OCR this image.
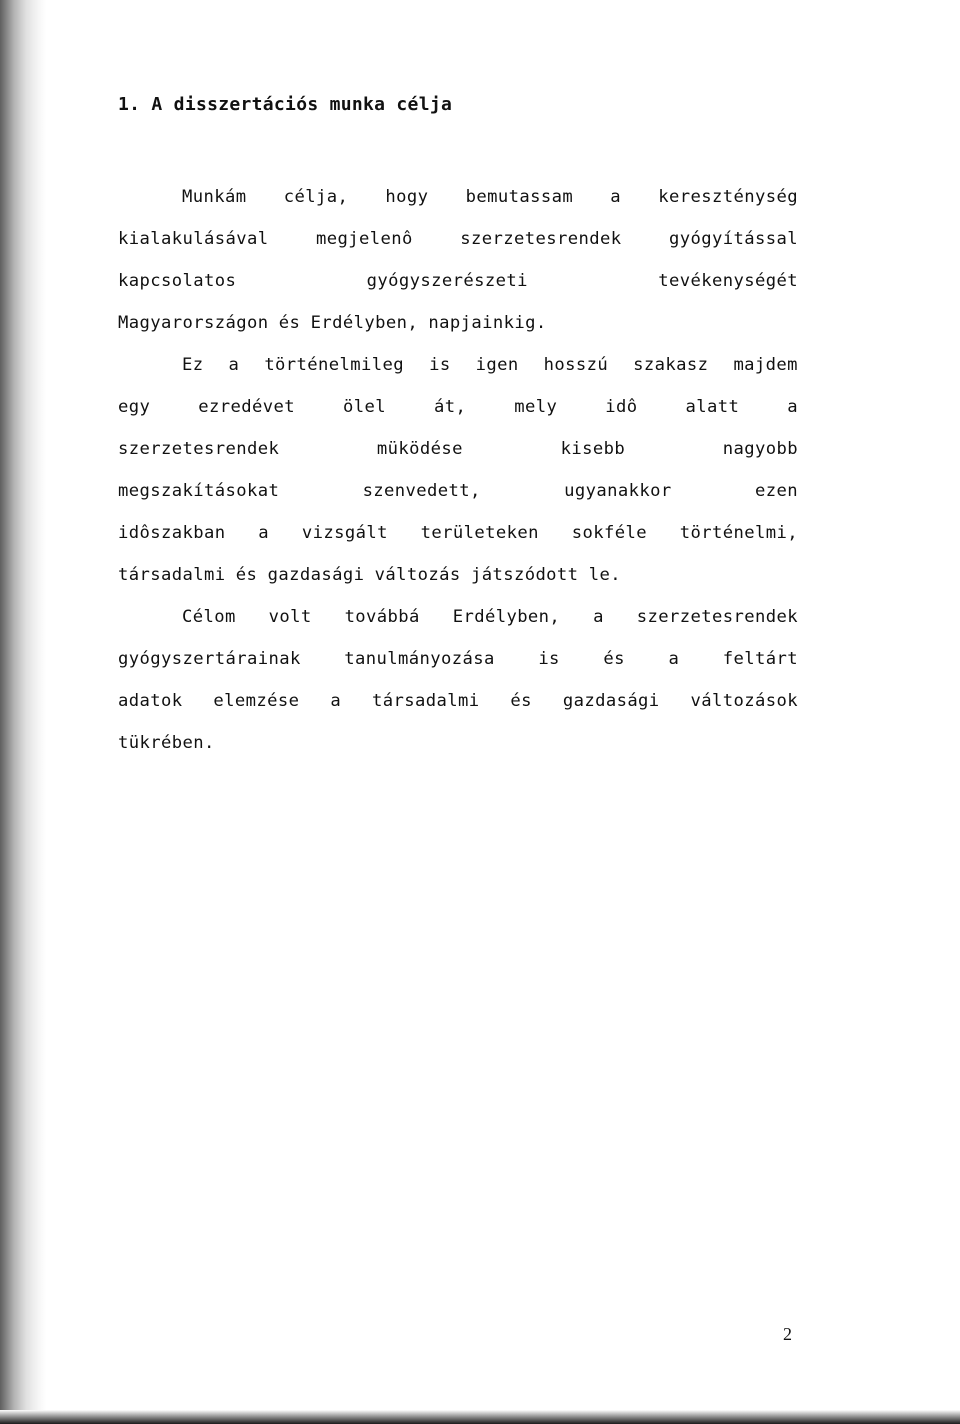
1. A disszertációs munka célja
Munkám célja, hogy bemutassam a kereszténység
kialakulásával	megjelenô	szerzetesrendek	gyógyítással
kapcsolatos	gyógyszerészeti	tevékenységét
Magyarországon és Erdélyben, napjainkig.
Ez a történelmileg is igen hosszú szakasz majdem
egy	ezredévet	ölel	át,	mely	idô	alatt	a
szerzetesrendek	müködése	kisebb	nagyobb
megszakításokat	szenvedett,	ugyanakkor	ezen
idôszakban a vizsgált területeken sokféle történelmi,
társadalmi és gazdasági változás játszódott le.
Célom volt továbbá Erdélyben, a szerzetesrendek
gyógyszertárainak	tanulmányozása	is	és	a	feltárt
adatok elemzése a társadalmi és gazdasági változások
tükrében.
2
